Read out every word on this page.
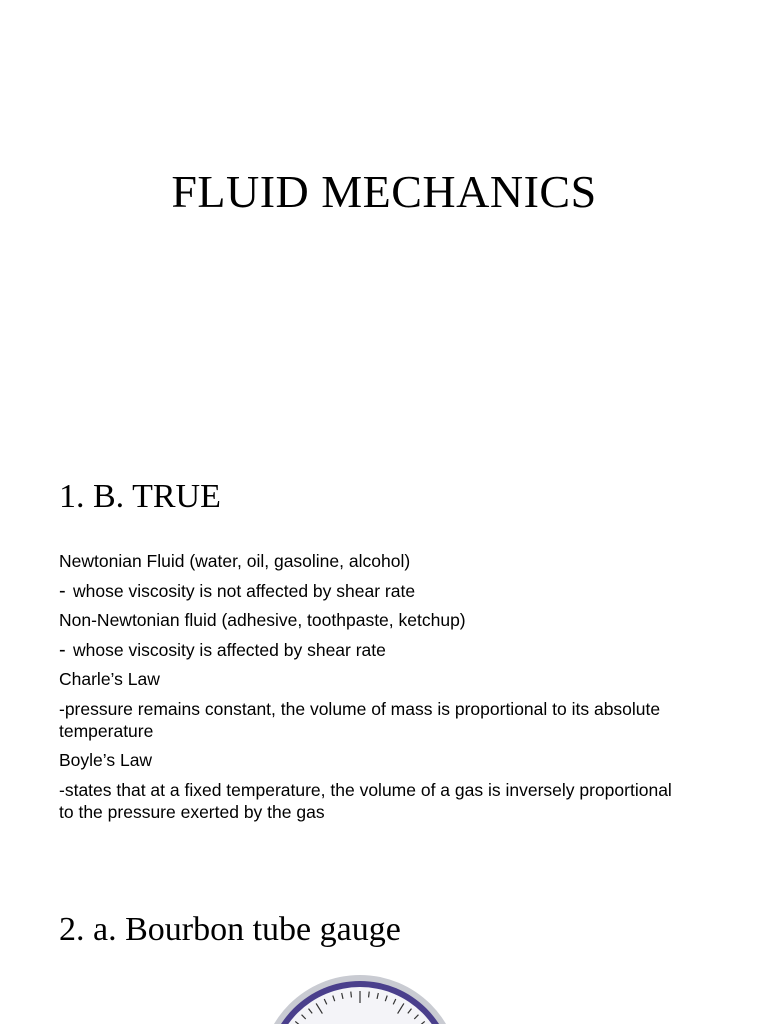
FLUID MECHANICS
1. B. TRUE

Newtonian Fluid (water, oil, gasoline, alcohol)

- whose viscosity is not affected by shear rate

Non-Newtonian fluid (adhesive, toothpaste, ketchup)

- whose viscosity is affected by shear rate

Charle’s Law

-pressure remains constant, the volume of mass is proportional to its absolute temperature

Boyle’s Law

-states that at a fixed temperature, the volume of a gas is inversely proportional to the pressure exerted by the gas

2. a. Bourbon tube gauge
